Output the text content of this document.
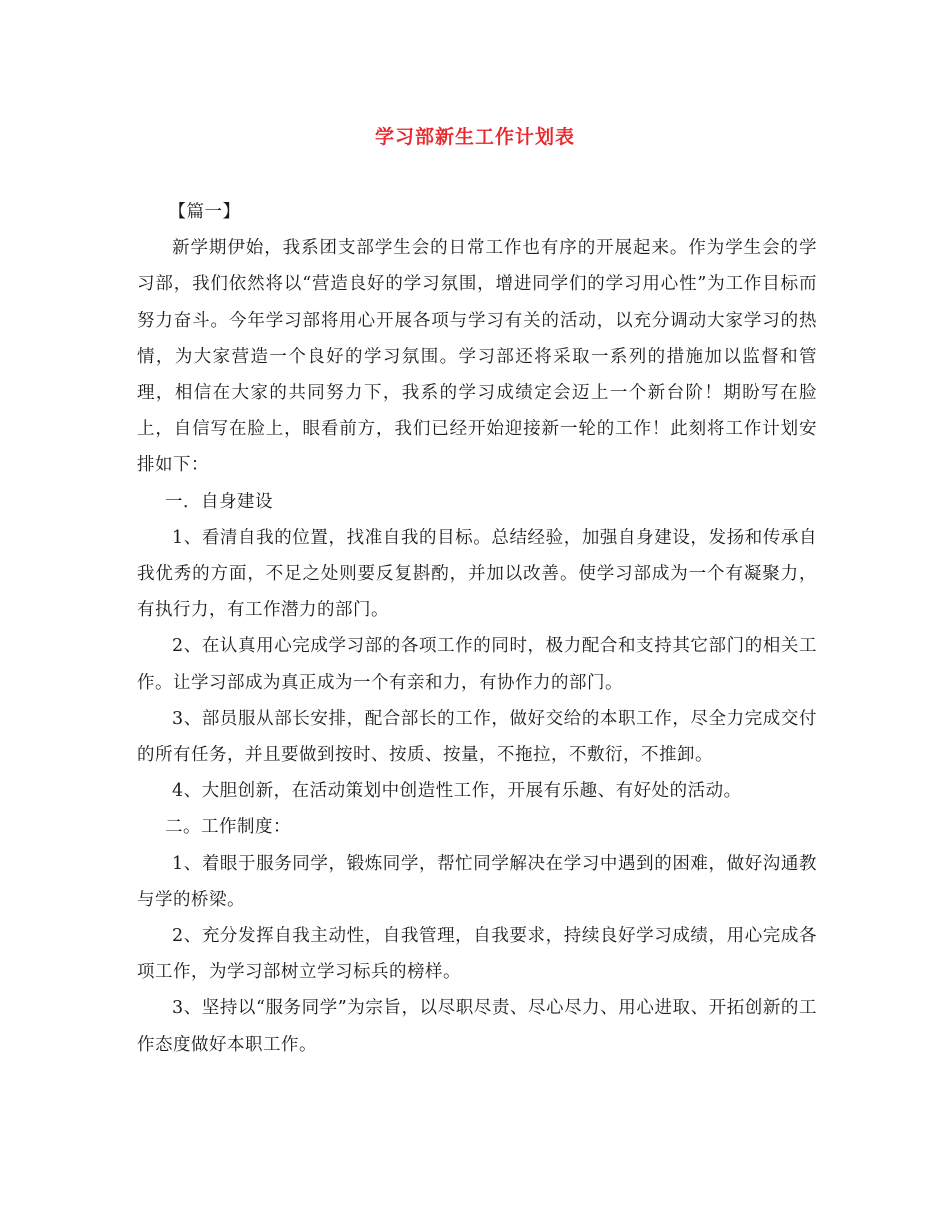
学习部新生工作计划表

【篇一】

新学期伊始，我系团支部学生会的日常工作也有序的开展起来。作为学生会的学习部，我们依然将以“营造良好的学习氛围，增进同学们的学习用心性”为工作目标而努力奋斗。今年学习部将用心开展各项与学习有关的活动，以充分调动大家学习的热情，为大家营造一个良好的学习氛围。学习部还将采取一系列的措施加以监督和管理，相信在大家的共同努力下，我系的学习成绩定会迈上一个新台阶！期盼写在脸上，自信写在脸上，眼看前方，我们已经开始迎接新一轮的工作！此刻将工作计划安排如下：

一．自身建设

1、看清自我的位置，找准自我的目标。总结经验，加强自身建设，发扬和传承自我优秀的方面，不足之处则要反复斟酌，并加以改善。使学习部成为一个有凝聚力，有执行力，有工作潜力的部门。

2、在认真用心完成学习部的各项工作的同时，极力配合和支持其它部门的相关工作。让学习部成为真正成为一个有亲和力，有协作力的部门。

3、部员服从部长安排，配合部长的工作，做好交给的本职工作，尽全力完成交付的所有任务，并且要做到按时、按质、按量，不拖拉，不敷衍，不推卸。

4、大胆创新，在活动策划中创造性工作，开展有乐趣、有好处的活动。

二。工作制度：

1、着眼于服务同学，锻炼同学，帮忙同学解决在学习中遇到的困难，做好沟通教与学的桥梁。

2、充分发挥自我主动性，自我管理，自我要求，持续良好学习成绩，用心完成各项工作，为学习部树立学习标兵的榜样。

3、坚持以“服务同学”为宗旨，以尽职尽责、尽心尽力、用心进取、开拓创新的工作态度做好本职工作。
